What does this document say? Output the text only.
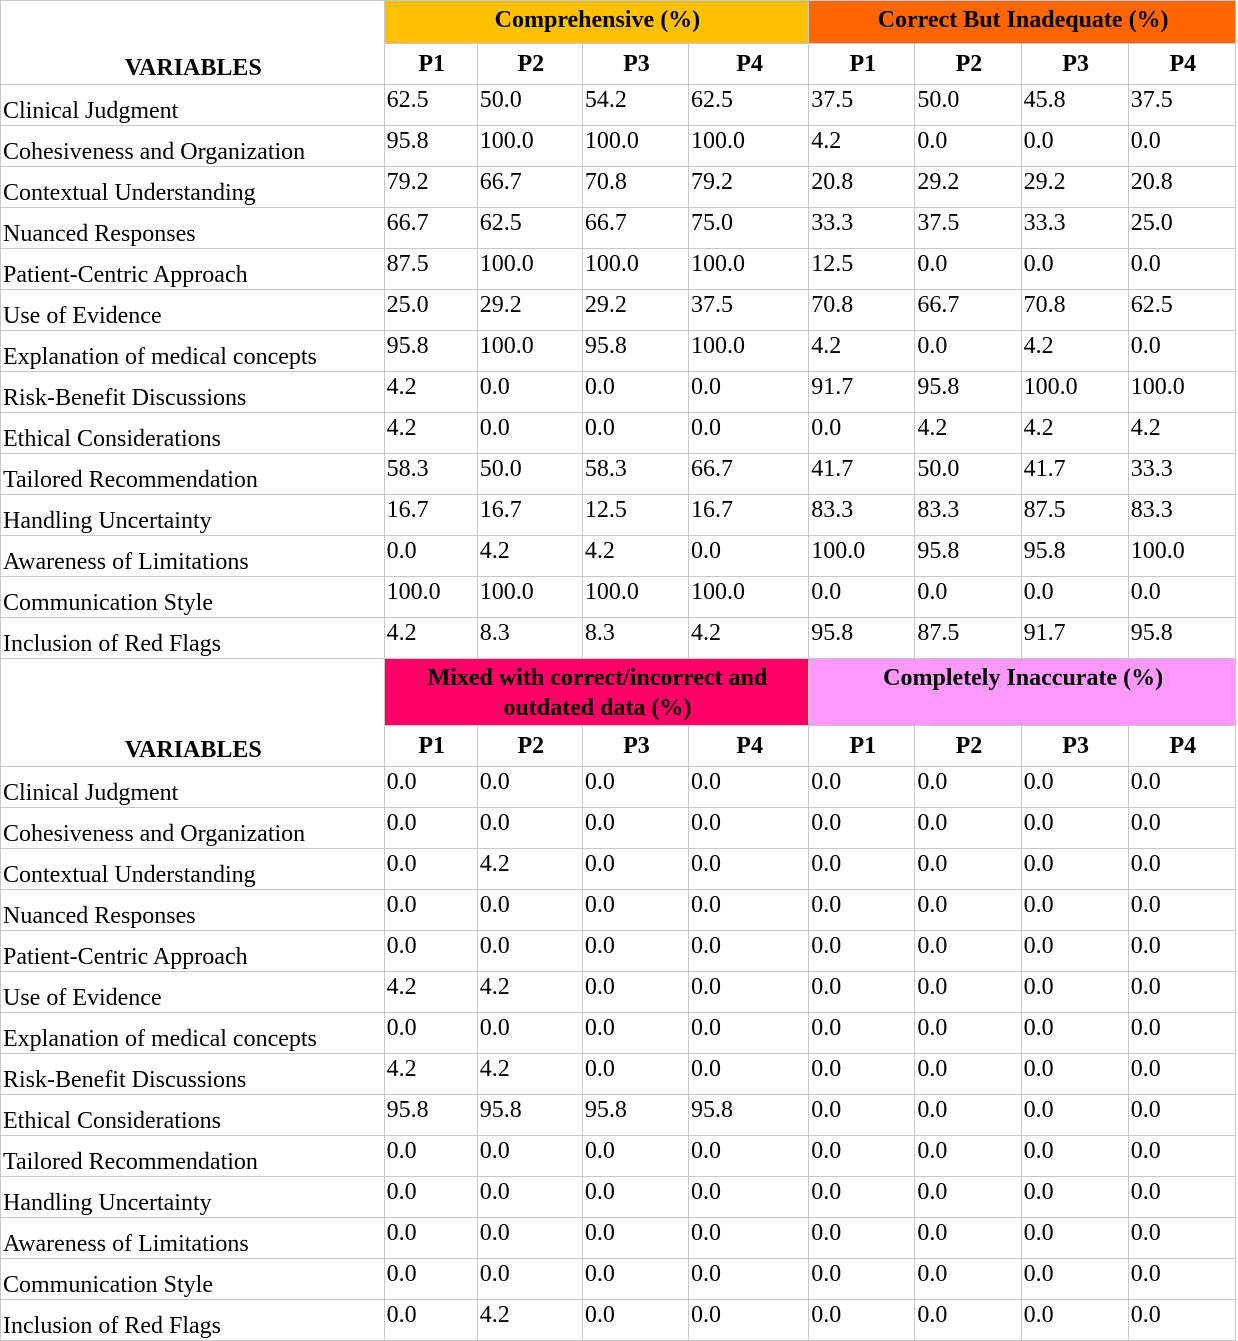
VARIABLES	Comprehensive (%)				Correct But Inadequate (%)			
	P1	P2	P3	P4	P1	P2	P3	P4
Clinical Judgment	62.5	50.0	54.2	62.5	37.5	50.0	45.8	37.5
Cohesiveness and Organization	95.8	100.0	100.0	100.0	4.2	0.0	0.0	0.0
Contextual Understanding	79.2	66.7	70.8	79.2	20.8	29.2	29.2	20.8
Nuanced Responses	66.7	62.5	66.7	75.0	33.3	37.5	33.3	25.0
Patient-Centric Approach	87.5	100.0	100.0	100.0	12.5	0.0	0.0	0.0
Use of Evidence	25.0	29.2	29.2	37.5	70.8	66.7	70.8	62.5
Explanation of medical concepts	95.8	100.0	95.8	100.0	4.2	0.0	4.2	0.0
Risk-Benefit Discussions	4.2	0.0	0.0	0.0	91.7	95.8	100.0	100.0
Ethical Considerations	4.2	0.0	0.0	0.0	0.0	4.2	4.2	4.2
Tailored Recommendation	58.3	50.0	58.3	66.7	41.7	50.0	41.7	33.3
Handling Uncertainty	16.7	16.7	12.5	16.7	83.3	83.3	87.5	83.3
Awareness of Limitations	0.0	4.2	4.2	0.0	100.0	95.8	95.8	100.0
Communication Style	100.0	100.0	100.0	100.0	0.0	0.0	0.0	0.0
Inclusion of Red Flags	4.2	8.3	8.3	4.2	95.8	87.5	91.7	95.8
VARIABLES	Mixed with correct/incorrect and outdated data (%)				Completely Inaccurate (%)			
	P1	P2	P3	P4	P1	P2	P3	P4
Clinical Judgment	0.0	0.0	0.0	0.0	0.0	0.0	0.0	0.0
Cohesiveness and Organization	0.0	0.0	0.0	0.0	0.0	0.0	0.0	0.0
Contextual Understanding	0.0	4.2	0.0	0.0	0.0	0.0	0.0	0.0
Nuanced Responses	0.0	0.0	0.0	0.0	0.0	0.0	0.0	0.0
Patient-Centric Approach	0.0	0.0	0.0	0.0	0.0	0.0	0.0	0.0
Use of Evidence	4.2	4.2	0.0	0.0	0.0	0.0	0.0	0.0
Explanation of medical concepts	0.0	0.0	0.0	0.0	0.0	0.0	0.0	0.0
Risk-Benefit Discussions	4.2	4.2	0.0	0.0	0.0	0.0	0.0	0.0
Ethical Considerations	95.8	95.8	95.8	95.8	0.0	0.0	0.0	0.0
Tailored Recommendation	0.0	0.0	0.0	0.0	0.0	0.0	0.0	0.0
Handling Uncertainty	0.0	0.0	0.0	0.0	0.0	0.0	0.0	0.0
Awareness of Limitations	0.0	0.0	0.0	0.0	0.0	0.0	0.0	0.0
Communication Style	0.0	0.0	0.0	0.0	0.0	0.0	0.0	0.0
Inclusion of Red Flags	0.0	4.2	0.0	0.0	0.0	0.0	0.0	0.0
